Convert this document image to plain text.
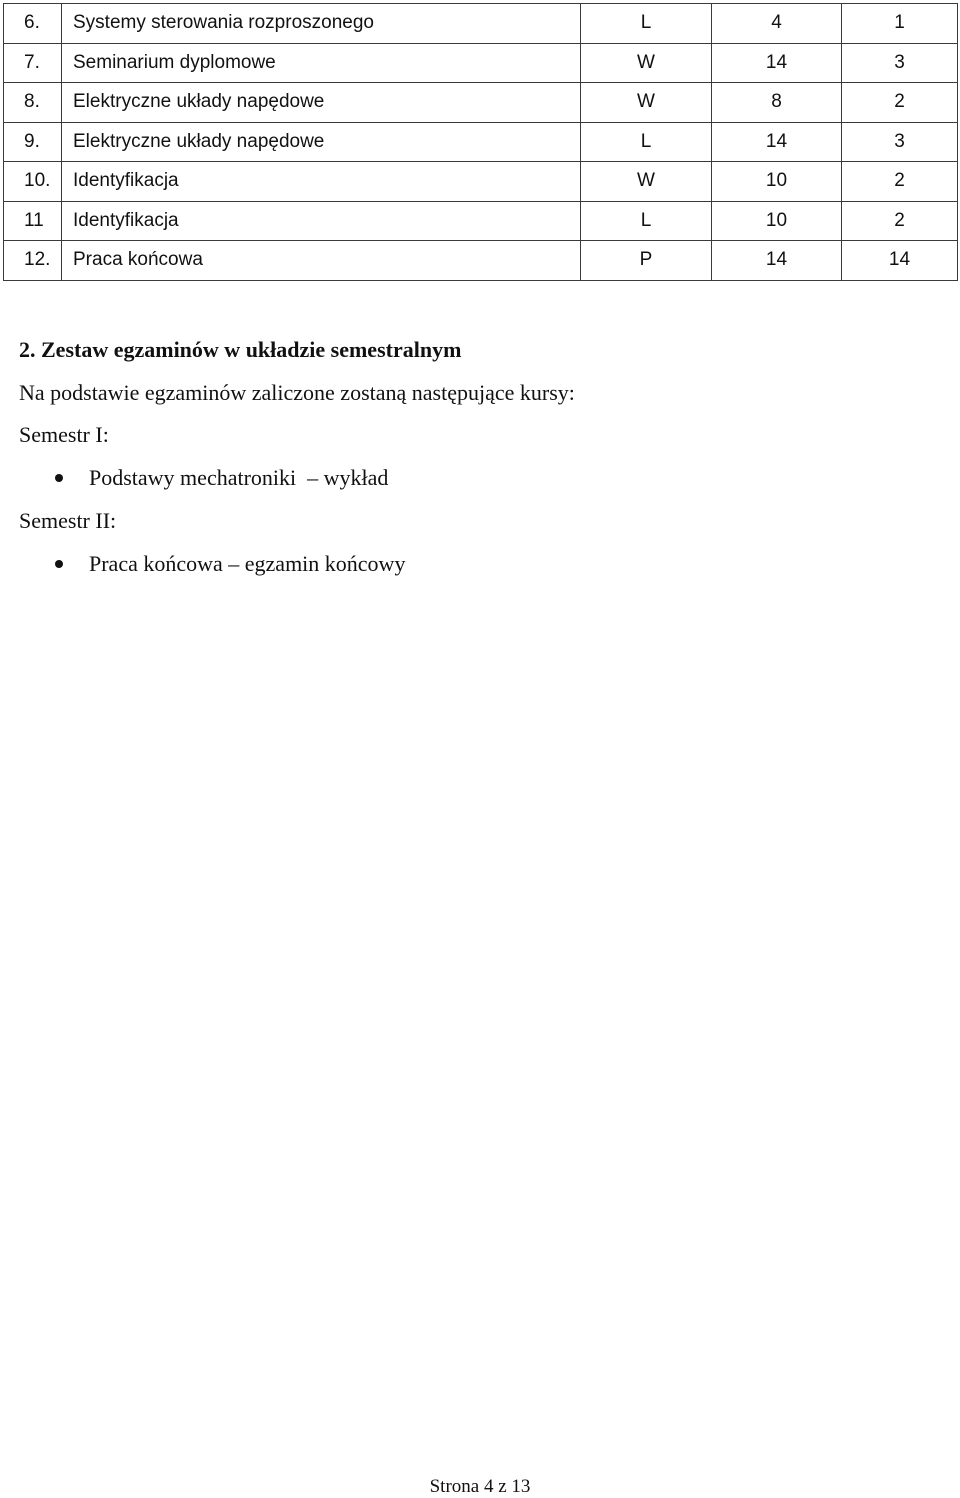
6.	Systemy sterowania rozproszonego	L	4	1
7.	Seminarium dyplomowe	W	14	3
8.	Elektryczne układy napędowe	W	8	2
9.	Elektryczne układy napędowe	L	14	3
10.	Identyfikacja	W	10	2
11	Identyfikacja	L	10	2
12.	Praca końcowa	P	14	14
2. Zestaw egzaminów w układzie semestralnym

Na podstawie egzaminów zaliczone zostaną następujące kursy:

Semestr I:

Podstawy mechatroniki  – wykład

Semestr II:

Praca końcowa – egzamin końcowy
Strona 4 z 13
